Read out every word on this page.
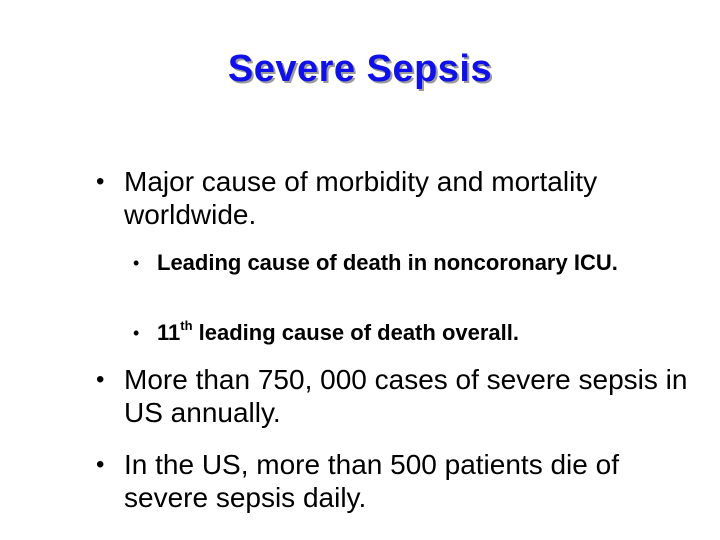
Severe Sepsis
• Major cause of morbidity and mortality worldwide.
• Leading cause of death in noncoronary ICU.
• 11th leading cause of death overall.
• More than 750, 000 cases of severe sepsis in US annually.
• In the US, more than 500 patients die of severe sepsis daily.
